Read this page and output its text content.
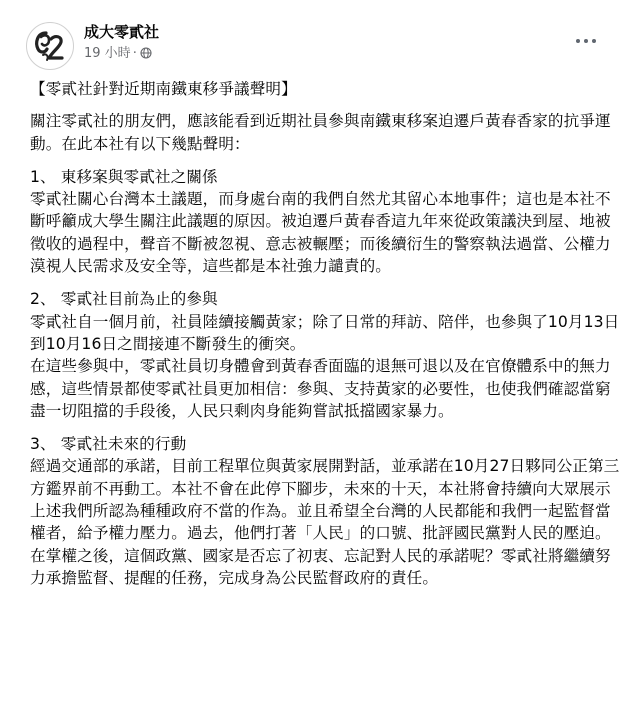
成大零貳社
19 小時 ·

【零貳社針對近期南鐵東移爭議聲明】

關注零貳社的朋友們，應該能看到近期社員參與南鐵東移案迫遷戶黃春香家的抗爭運動。在此本社有以下幾點聲明：

1、 東移案與零貳社之關係

零貳社關心台灣本土議題，而身處台南的我們自然尤其留心本地事件；這也是本社不斷呼籲成大學生關注此議題的原因。被迫遷戶黃春香這九年來從政策議決到屋、地被徵收的過程中，聲音不斷被忽視、意志被輾壓；而後續衍生的警察執法過當、公權力漠視人民需求及安全等，這些都是本社強力譴責的。

2、 零貳社目前為止的參與

零貳社自一個月前，社員陸續接觸黃家；除了日常的拜訪、陪伴，也參與了10月13日到10月16日之間接連不斷發生的衝突。

在這些參與中，零貳社員切身體會到黃春香面臨的退無可退以及在官僚體系中的無力感，這些情景都使零貳社員更加相信：參與、支持黃家的必要性，也使我們確認當窮盡一切阻擋的手段後，人民只剩肉身能夠嘗試抵擋國家暴力。

3、 零貳社未來的行動

經過交通部的承諾，目前工程單位與黃家展開對話，並承諾在10月27日夥同公正第三方鑑界前不再動工。本社不會在此停下腳步，未來的十天，本社將會持續向大眾展示上述我們所認為種種政府不當的作為。並且希望全台灣的人民都能和我們一起監督當權者，給予權力壓力。過去，他們打著「人民」的口號、批評國民黨對人民的壓迫。在掌權之後，這個政黨、國家是否忘了初衷、忘記對人民的承諾呢？零貳社將繼續努力承擔監督、提醒的任務，完成身為公民監督政府的責任。
